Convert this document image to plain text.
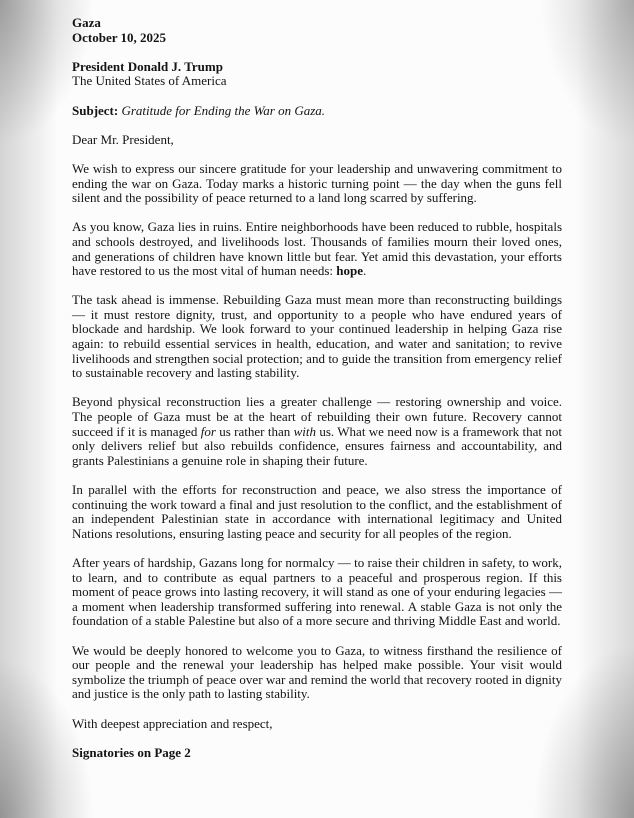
Gaza
October 10, 2025

President Donald J. Trump
The United States of America

Subject: Gratitude for Ending the War on Gaza.

Dear Mr. President,

We wish to express our sincere gratitude for your leadership and unwavering commitment to ending the war on Gaza. Today marks a historic turning point — the day when the guns fell silent and the possibility of peace returned to a land long scarred by suffering.

As you know, Gaza lies in ruins. Entire neighborhoods have been reduced to rubble, hospitals and schools destroyed, and livelihoods lost. Thousands of families mourn their loved ones, and generations of children have known little but fear. Yet amid this devastation, your efforts have restored to us the most vital of human needs: hope.

The task ahead is immense. Rebuilding Gaza must mean more than reconstructing buildings — it must restore dignity, trust, and opportunity to a people who have endured years of blockade and hardship. We look forward to your continued leadership in helping Gaza rise again: to rebuild essential services in health, education, and water and sanitation; to revive livelihoods and strengthen social protection; and to guide the transition from emergency relief to sustainable recovery and lasting stability.

Beyond physical reconstruction lies a greater challenge — restoring ownership and voice. The people of Gaza must be at the heart of rebuilding their own future. Recovery cannot succeed if it is managed for us rather than with us. What we need now is a framework that not only delivers relief but also rebuilds confidence, ensures fairness and accountability, and grants Palestinians a genuine role in shaping their future.

In parallel with the efforts for reconstruction and peace, we also stress the importance of continuing the work toward a final and just resolution to the conflict, and the establishment of an independent Palestinian state in accordance with international legitimacy and United Nations resolutions, ensuring lasting peace and security for all peoples of the region.

After years of hardship, Gazans long for normalcy — to raise their children in safety, to work, to learn, and to contribute as equal partners to a peaceful and prosperous region. If this moment of peace grows into lasting recovery, it will stand as one of your enduring legacies — a moment when leadership transformed suffering into renewal. A stable Gaza is not only the foundation of a stable Palestine but also of a more secure and thriving Middle East and world.

We would be deeply honored to welcome you to Gaza, to witness firsthand the resilience of our people and the renewal your leadership has helped make possible. Your visit would symbolize the triumph of peace over war and remind the world that recovery rooted in dignity and justice is the only path to lasting stability.

With deepest appreciation and respect,

Signatories on Page 2
